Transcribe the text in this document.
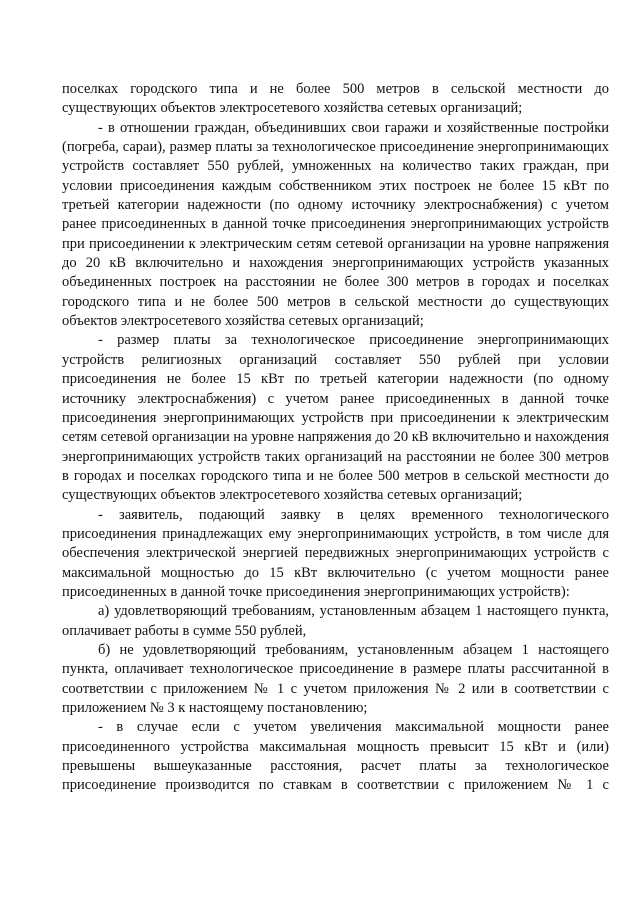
поселках городского типа и не более 500 метров в сельской местности до существующих объектов электросетевого хозяйства сетевых организаций;

- в отношении граждан, объединивших свои гаражи и хозяйственные постройки (погреба, сараи), размер платы за технологическое присоединение энергопринимающих устройств составляет 550 рублей, умноженных на количество таких граждан, при условии присоединения каждым собственником этих построек не более 15 кВт по третьей категории надежности (по одному источнику электроснабжения) с учетом ранее присоединенных в данной точке присоединения энергопринимающих устройств при присоединении к электрическим сетям сетевой организации на уровне напряжения до 20 кВ включительно и нахождения энергопринимающих устройств указанных объединенных построек на расстоянии не более 300 метров в городах и поселках городского типа и не более 500 метров в сельской местности до существующих объектов электросетевого хозяйства сетевых организаций;

- размер платы за технологическое присоединение энергопринимающих устройств религиозных организаций составляет 550 рублей при условии присоединения не более 15 кВт по третьей категории надежности (по одному источнику электроснабжения) с учетом ранее присоединенных в данной точке присоединения энергопринимающих устройств при присоединении к электрическим сетям сетевой организации на уровне напряжения до 20 кВ включительно и нахождения энергопринимающих устройств таких организаций на расстоянии не более 300 метров в городах и поселках городского типа и не более 500 метров в сельской местности до существующих объектов электросетевого хозяйства сетевых организаций;

- заявитель, подающий заявку в целях временного технологического присоединения принадлежащих ему энергопринимающих устройств, в том числе для обеспечения электрической энергией передвижных энергопринимающих устройств с максимальной мощностью до 15 кВт включительно (с учетом мощности ранее присоединенных в данной точке присоединения энергопринимающих устройств):

а) удовлетворяющий требованиям, установленным абзацем 1 настоящего пункта, оплачивает работы в сумме 550 рублей,

б) не удовлетворяющий требованиям, установленным абзацем 1 настоящего пункта, оплачивает технологическое присоединение в размере платы рассчитанной в соответствии с приложением № 1 с учетом приложения № 2 или в соответствии с приложением № 3 к настоящему постановлению;

- в случае если с учетом увеличения максимальной мощности ранее присоединенного устройства максимальная мощность превысит 15 кВт и (или) превышены вышеуказанные расстояния, расчет платы за технологическое присоединение производится по ставкам в соответствии с приложением № 1 с
